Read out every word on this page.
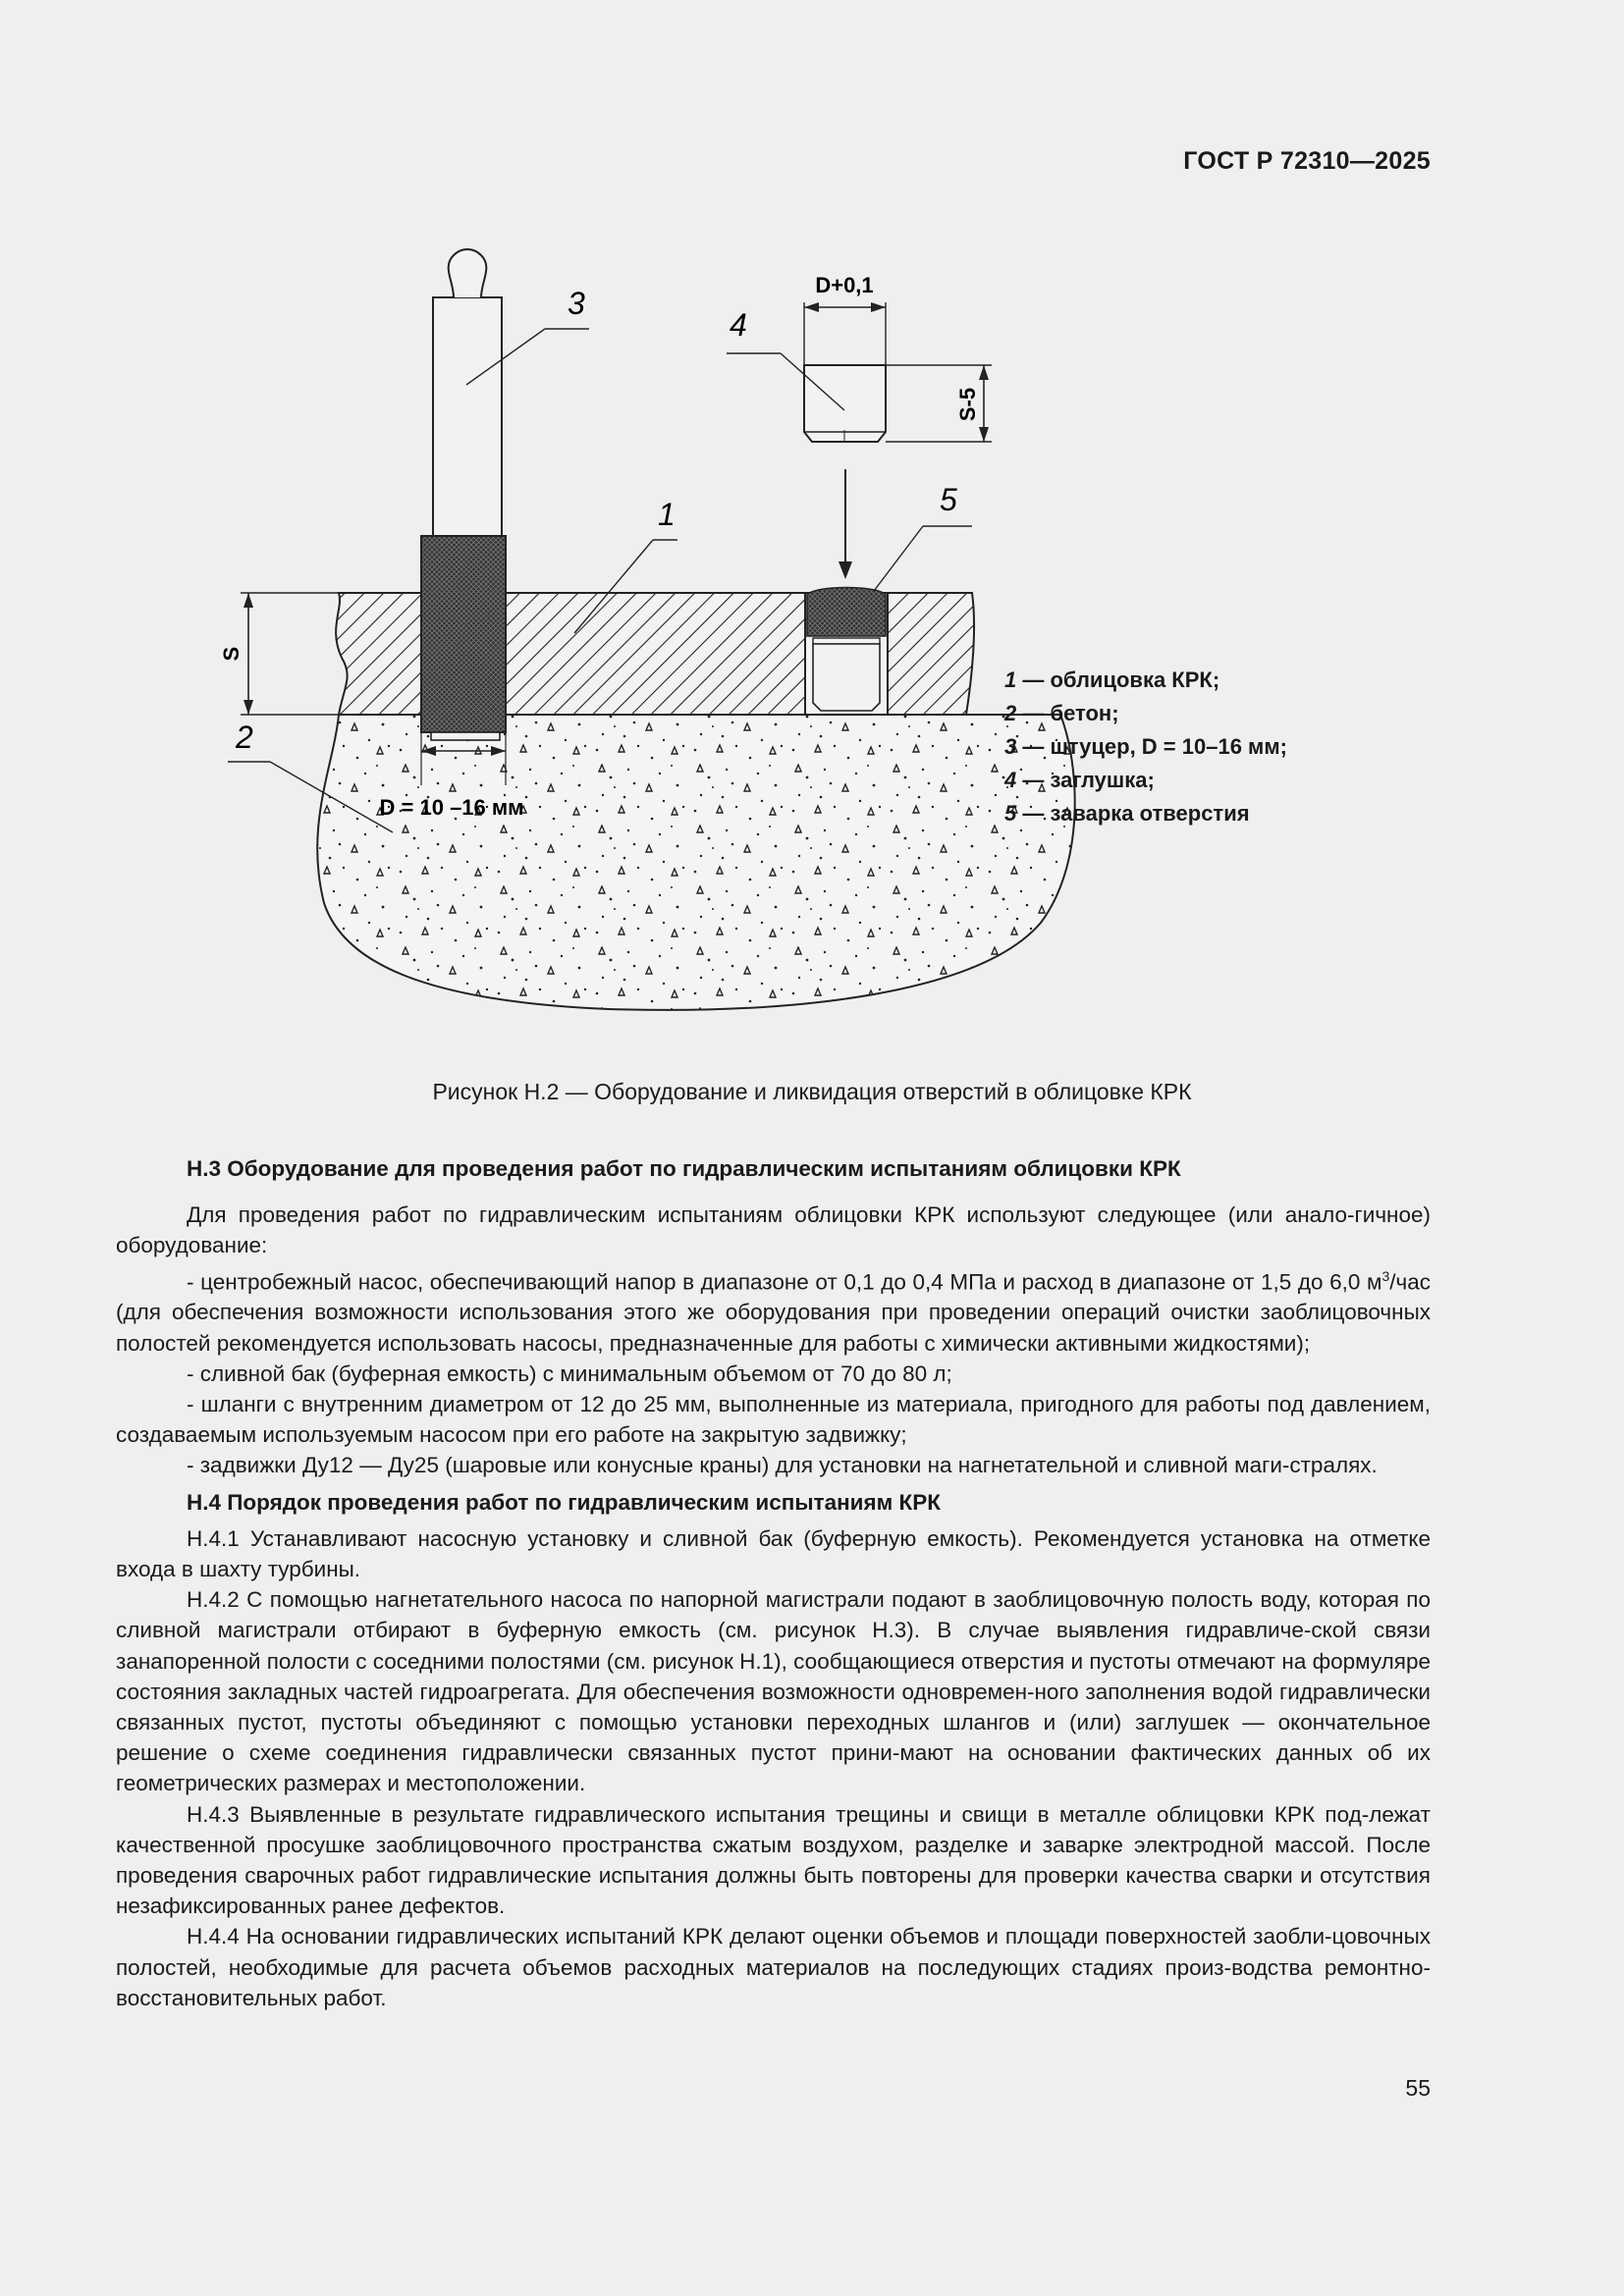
ГОСТ Р 72310—2025
D+0,1
S-5
S
D = 10 –16 мм
3
1
4
5
2
1 — облицовка КРК;
2 — бетон;
3 — штуцер, D = 10–16 мм;
4 — заглушка;
5 — заварка отверстия
Рисунок Н.2 — Оборудование и ликвидация отверстий в облицовке КРК

Н.3 Оборудование для проведения работ по гидравлическим испытаниям облицовки КРК

Для проведения работ по гидравлическим испытаниям облицовки КРК используют следующее (или анало-гичное) оборудование:

- центробежный насос, обеспечивающий напор в диапазоне от 0,1 до 0,4 МПа и расход в диапазоне от 1,5 до 6,0 $м^3$/час (для обеспечения возможности использования этого же оборудования при проведении операций очистки заоблицовочных полостей рекомендуется использовать насосы, предназначенные для работы с химически активными жидкостями);

- сливной бак (буферная емкость) с минимальным объемом от 70 до 80 л;

- шланги с внутренним диаметром от 12 до 25 мм, выполненные из материала, пригодного для работы под давлением, создаваемым используемым насосом при его работе на закрытую задвижку;

- задвижки Ду12 — Ду25 (шаровые или конусные краны) для установки на нагнетательной и сливной маги-стралях.

Н.4 Порядок проведения работ по гидравлическим испытаниям КРК

Н.4.1 Устанавливают насосную установку и сливной бак (буферную емкость). Рекомендуется установка на отметке входа в шахту турбины.

Н.4.2 С помощью нагнетательного насоса по напорной магистрали подают в заоблицовочную полость воду, которая по сливной магистрали отбирают в буферную емкость (см. рисунок Н.3). В случае выявления гидравличе-ской связи занапоренной полости с соседними полостями (см. рисунок Н.1), сообщающиеся отверстия и пустоты отмечают на формуляре состояния закладных частей гидроагрегата. Для обеспечения возможности одновремен-ного заполнения водой гидравлически связанных пустот, пустоты объединяют с помощью установки переходных шлангов и (или) заглушек — окончательное решение о схеме соединения гидравлически связанных пустот прини-мают на основании фактических данных об их геометрических размерах и местоположении.

Н.4.3 Выявленные в результате гидравлического испытания трещины и свищи в металле облицовки КРК под-лежат качественной просушке заоблицовочного пространства сжатым воздухом, разделке и заварке электродной массой. После проведения сварочных работ гидравлические испытания должны быть повторены для проверки качества сварки и отсутствия незафиксированных ранее дефектов.

Н.4.4 На основании гидравлических испытаний КРК делают оценки объемов и площади поверхностей заобли-цовочных полостей, необходимые для расчета объемов расходных материалов на последующих стадиях произ-водства ремонтно-восстановительных работ.

55
